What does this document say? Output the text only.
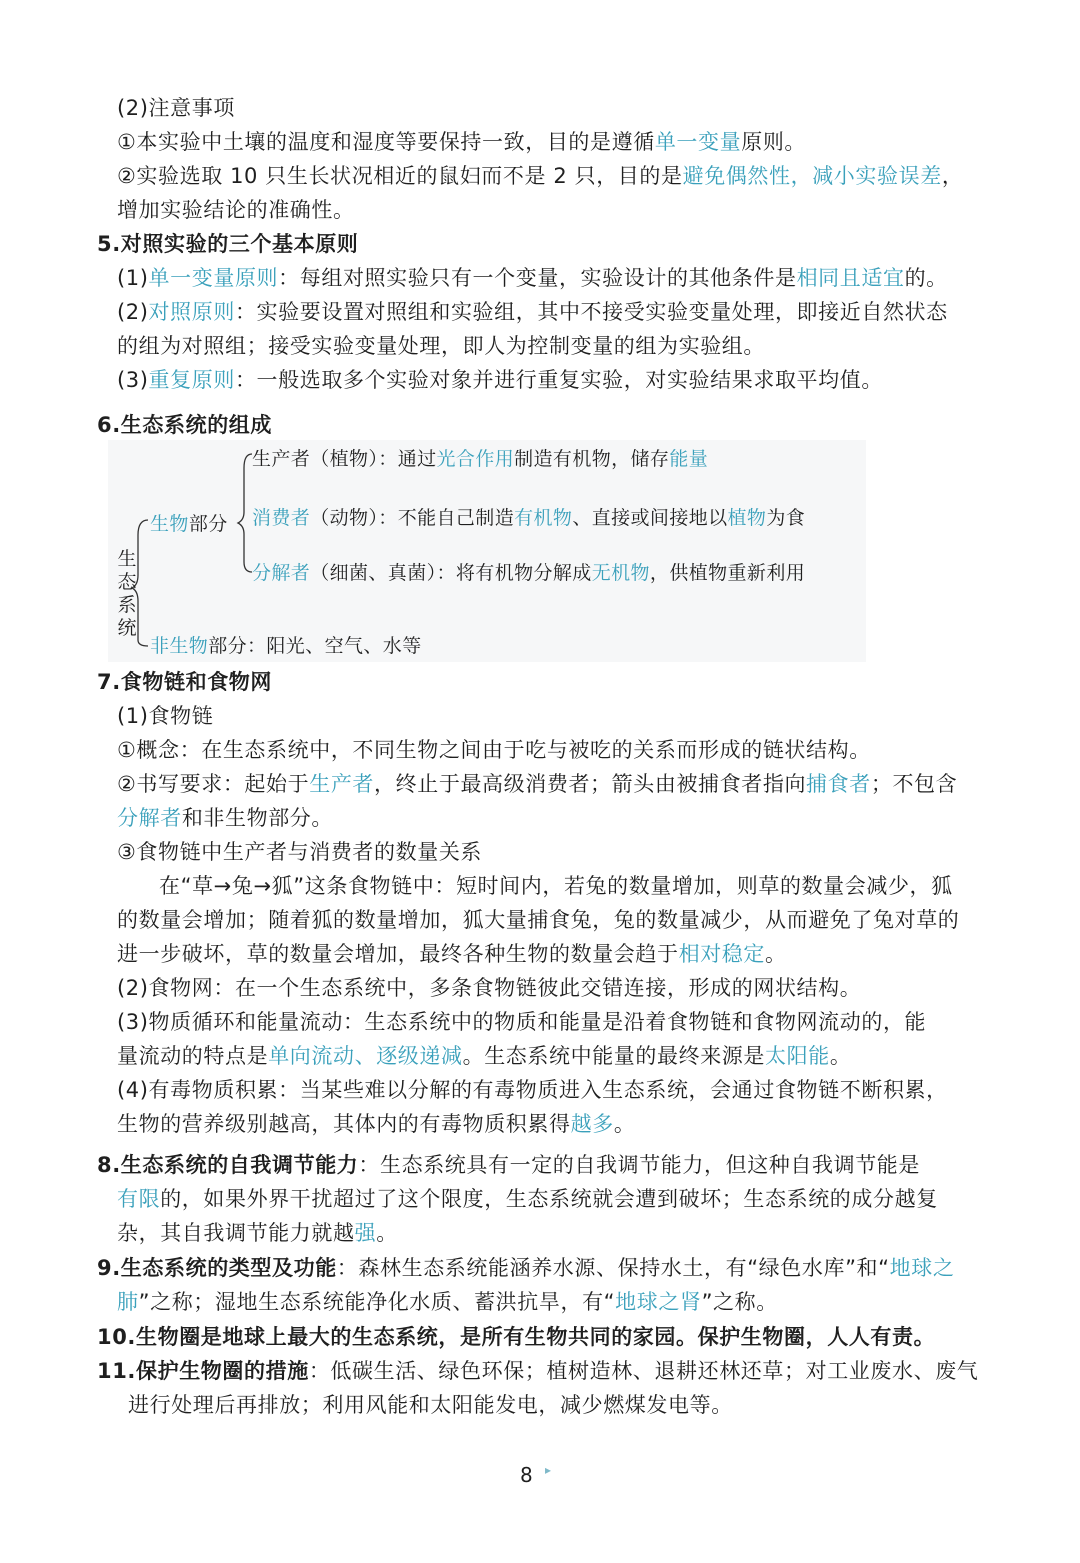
(2)注意事项
①本实验中土壤的温度和湿度等要保持一致，目的是遵循单一变量原则。
②实验选取 10 只生长状况相近的鼠妇而不是 2 只，目的是避免偶然性，减小实验误差，
增加实验结论的准确性。
5.对照实验的三个基本原则
(1)单一变量原则：每组对照实验只有一个变量，实验设计的其他条件是相同且适宜的。
(2)对照原则：实验要设置对照组和实验组，其中不接受实验变量处理，即接近自然状态
的组为对照组；接受实验变量处理，即人为控制变量的组为实验组。
(3)重复原则：一般选取多个实验对象并进行重复实验，对实验结果求取平均值。
6.生态系统的组成
生态系统
生物部分
生产者（植物）：通过光合作用制造有机物，储存能量
消费者（动物）：不能自己制造有机物、直接或间接地以植物为食
分解者（细菌、真菌）：将有机物分解成无机物，供植物重新利用
非生物部分：阳光、空气、水等
7.食物链和食物网
(1)食物链
①概念：在生态系统中，不同生物之间由于吃与被吃的关系而形成的链状结构。
②书写要求：起始于生产者，终止于最高级消费者；箭头由被捕食者指向捕食者；不包含
分解者和非生物部分。
③食物链中生产者与消费者的数量关系
在“草→兔→狐”这条食物链中：短时间内，若兔的数量增加，则草的数量会减少，狐
的数量会增加；随着狐的数量增加，狐大量捕食兔，兔的数量减少，从而避免了兔对草的
进一步破坏，草的数量会增加，最终各种生物的数量会趋于相对稳定。
(2)食物网：在一个生态系统中，多条食物链彼此交错连接，形成的网状结构。
(3)物质循环和能量流动：生态系统中的物质和能量是沿着食物链和食物网流动的，能
量流动的特点是单向流动、逐级递减。生态系统中能量的最终来源是太阳能。
(4)有毒物质积累：当某些难以分解的有毒物质进入生态系统，会通过食物链不断积累，
生物的营养级别越高，其体内的有毒物质积累得越多。
8.生态系统的自我调节能力：生态系统具有一定的自我调节能力，但这种自我调节能是
有限的，如果外界干扰超过了这个限度，生态系统就会遭到破坏；生态系统的成分越复
杂，其自我调节能力就越强。
9.生态系统的类型及功能：森林生态系统能涵养水源、保持水土，有“绿色水库”和“地球之
肺”之称；湿地生态系统能净化水质、蓄洪抗旱，有“地球之肾”之称。
10.生物圈是地球上最大的生态系统，是所有生物共同的家园。保护生物圈，人人有责。
11.保护生物圈的措施：低碳生活、绿色环保；植树造林、退耕还林还草；对工业废水、废气
进行处理后再排放；利用风能和太阳能发电，减少燃煤发电等。
8 ▸
